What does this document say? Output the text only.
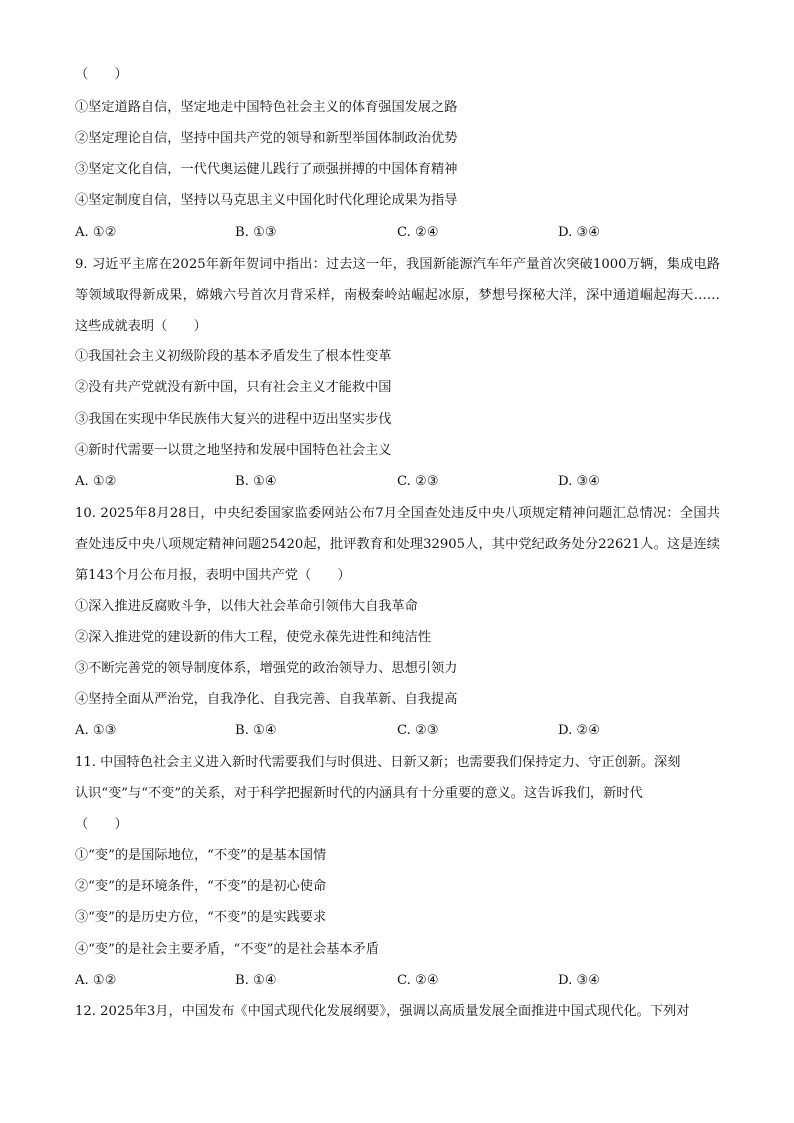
（　　）
①坚定道路自信，坚定地走中国特色社会主义的体育强国发展之路
②坚定理论自信，坚持中国共产党的领导和新型举国体制政治优势
③坚定文化自信，一代代奥运健儿践行了顽强拼搏的中国体育精神
④坚定制度自信，坚持以马克思主义中国化时代化理论成果为指导
A. ①②	B. ①③	C. ②④	D. ③④
9. 习近平主席在2025年新年贺词中指出：过去这一年，我国新能源汽车年产量首次突破1000万辆，集成电路等领域取得新成果，嫦娥六号首次月背采样，南极秦岭站崛起冰原，梦想号探秘大洋，深中通道崛起海天……这些成就表明（　　）
①我国社会主义初级阶段的基本矛盾发生了根本性变革
②没有共产党就没有新中国，只有社会主义才能救中国
③我国在实现中华民族伟大复兴的进程中迈出坚实步伐
④新时代需要一以贯之地坚持和发展中国特色社会主义
A. ①②	B. ①④	C. ②③	D. ③④
10. 2025年8月28日，中央纪委国家监委网站公布7月全国查处违反中央八项规定精神问题汇总情况：全国共查处违反中央八项规定精神问题25420起，批评教育和处理32905人，其中党纪政务处分22621人。这是连续第143个月公布月报，表明中国共产党（　　）
①深入推进反腐败斗争，以伟大社会革命引领伟大自我革命
②深入推进党的建设新的伟大工程，使党永葆先进性和纯洁性
③不断完善党的领导制度体系，增强党的政治领导力、思想引领力
④坚持全面从严治党，自我净化、自我完善、自我革新、自我提高
A. ①③	B. ①④	C. ②③	D. ②④
11. 中国特色社会主义进入新时代需要我们与时俱进、日新又新；也需要我们保持定力、守正创新。深刻
认识“变”与“不变”的关系，对于科学把握新时代的内涵具有十分重要的意义。这告诉我们，新时代
（　　）
①“变”的是国际地位，“不变”的是基本国情
②“变”的是环境条件，“不变”的是初心使命
③“变”的是历史方位，“不变”的是实践要求
④“变”的是社会主要矛盾，“不变”的是社会基本矛盾
A. ①②	B. ①④	C. ②④	D. ③④
12. 2025年3月，中国发布《中国式现代化发展纲要》，强调以高质量发展全面推进中国式现代化。下列对
